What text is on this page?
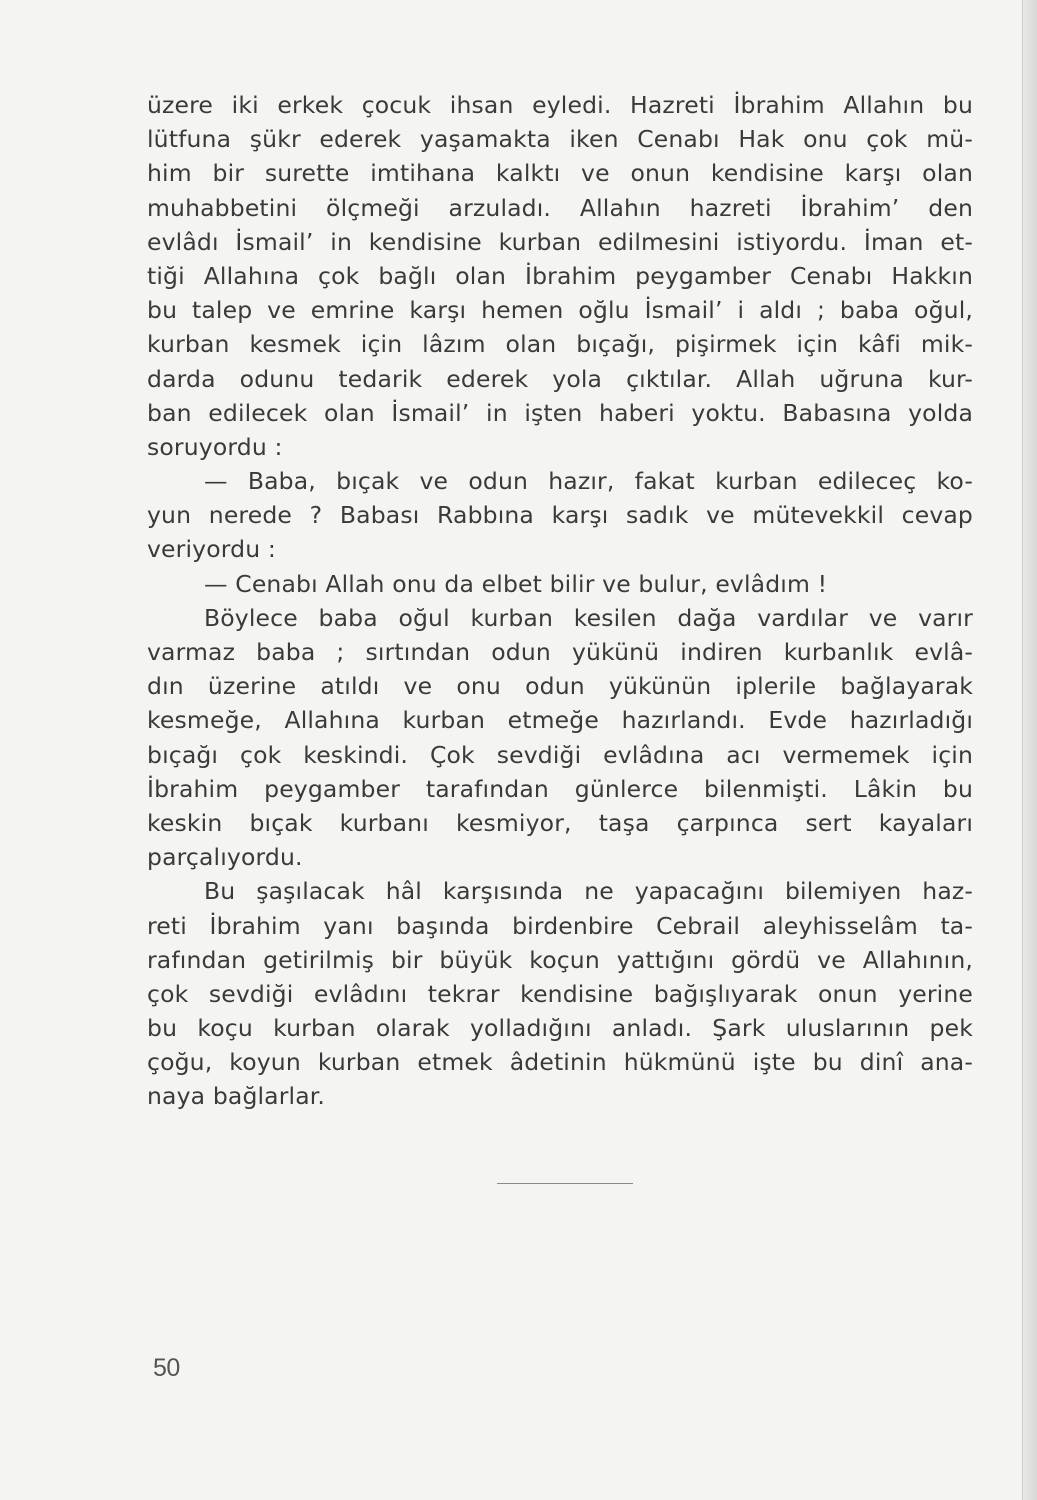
üzere iki erkek çocuk ihsan eyledi. Hazreti İbrahim Allahın bu
lütfuna şükr ederek yaşamakta iken Cenabı Hak onu çok mü-
him bir surette imtihana kalktı ve onun kendisine karşı olan
muhabbetini ölçmeği arzuladı. Allahın hazreti İbrahim’ den
evlâdı İsmail’ in kendisine kurban edilmesini istiyordu. İman et-
tiği Allahına çok bağlı olan İbrahim peygamber Cenabı Hakkın
bu talep ve emrine karşı hemen oğlu İsmail’ i aldı ; baba oğul,
kurban kesmek için lâzım olan bıçağı, pişirmek için kâfi mik-
darda odunu tedarik ederek yola çıktılar. Allah uğruna kur-
ban edilecek olan İsmail’ in işten haberi yoktu. Babasına yolda
soruyordu :
— Baba, bıçak ve odun hazır, fakat kurban edileceç ko-
yun nerede ? Babası Rabbına karşı sadık ve mütevekkil cevap
veriyordu :
— Cenabı Allah onu da elbet bilir ve bulur, evlâdım !
Böylece baba oğul kurban kesilen dağa vardılar ve varır
varmaz baba ; sırtından odun yükünü indiren kurbanlık evlâ-
dın üzerine atıldı ve onu odun yükünün iplerile bağlayarak
kesmeğe, Allahına kurban etmeğe hazırlandı. Evde hazırladığı
bıçağı çok keskindi. Çok sevdiği evlâdına acı vermemek için
İbrahim peygamber tarafından günlerce bilenmişti. Lâkin bu
keskin bıçak kurbanı kesmiyor, taşa çarpınca sert kayaları
parçalıyordu.
Bu şaşılacak hâl karşısında ne yapacağını bilemiyen haz-
reti İbrahim yanı başında birdenbire Cebrail aleyhisselâm ta-
rafından getirilmiş bir büyük koçun yattığını gördü ve Allahının,
çok sevdiği evlâdını tekrar kendisine bağışlıyarak onun yerine
bu koçu kurban olarak yolladığını anladı. Şark uluslarının pek
çoğu, koyun kurban etmek âdetinin hükmünü işte bu dinî ana-
naya bağlarlar.
50
